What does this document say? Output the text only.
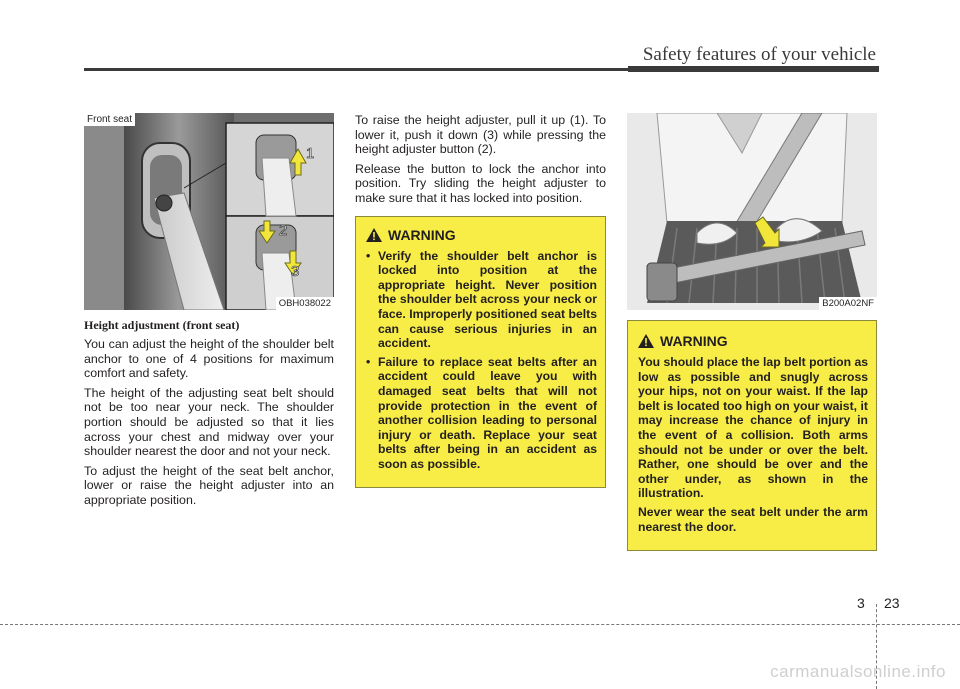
Safety features of your vehicle
1
2
3
Front seat
OBH038022
Height adjustment (front seat)

You can adjust the height of the shoulder belt anchor to one of 4 positions for maximum comfort and safety.

The height of the adjusting seat belt should not be too near your neck. The shoulder portion should be adjusted so that it lies across your chest and midway over your shoulder nearest the door and not your neck.

To adjust the height of the seat belt anchor, lower or raise the height adjuster into an appropriate position.

To raise the height adjuster, pull it up (1). To lower it, push it down (3) while pressing the height adjuster button (2).

Release the button to lock the anchor into position. Try sliding the height adjuster to make sure that it has locked into position.

WARNING
• Verify the shoulder belt anchor is locked into position at the appropriate height. Never position the shoulder belt across your neck or face. Improperly positioned seat belts can cause serious injuries in an accident.
• Failure to replace seat belts after an accident could leave you with damaged seat belts that will not provide protection in the event of another collision leading to personal injury or death. Replace your seat belts after being in an accident as soon as possible.
B200A02NF
WARNING

You should place the lap belt portion as low as possible and snugly across your hips, not on your waist. If the lap belt is located too high on your waist, it may increase the chance of injury in the event of a collision. Both arms should not be under or over the belt. Rather, one should be over and the other under, as shown in the illustration.

Never wear the seat belt under the arm nearest the door.

3 23
carmanualsonline.info
